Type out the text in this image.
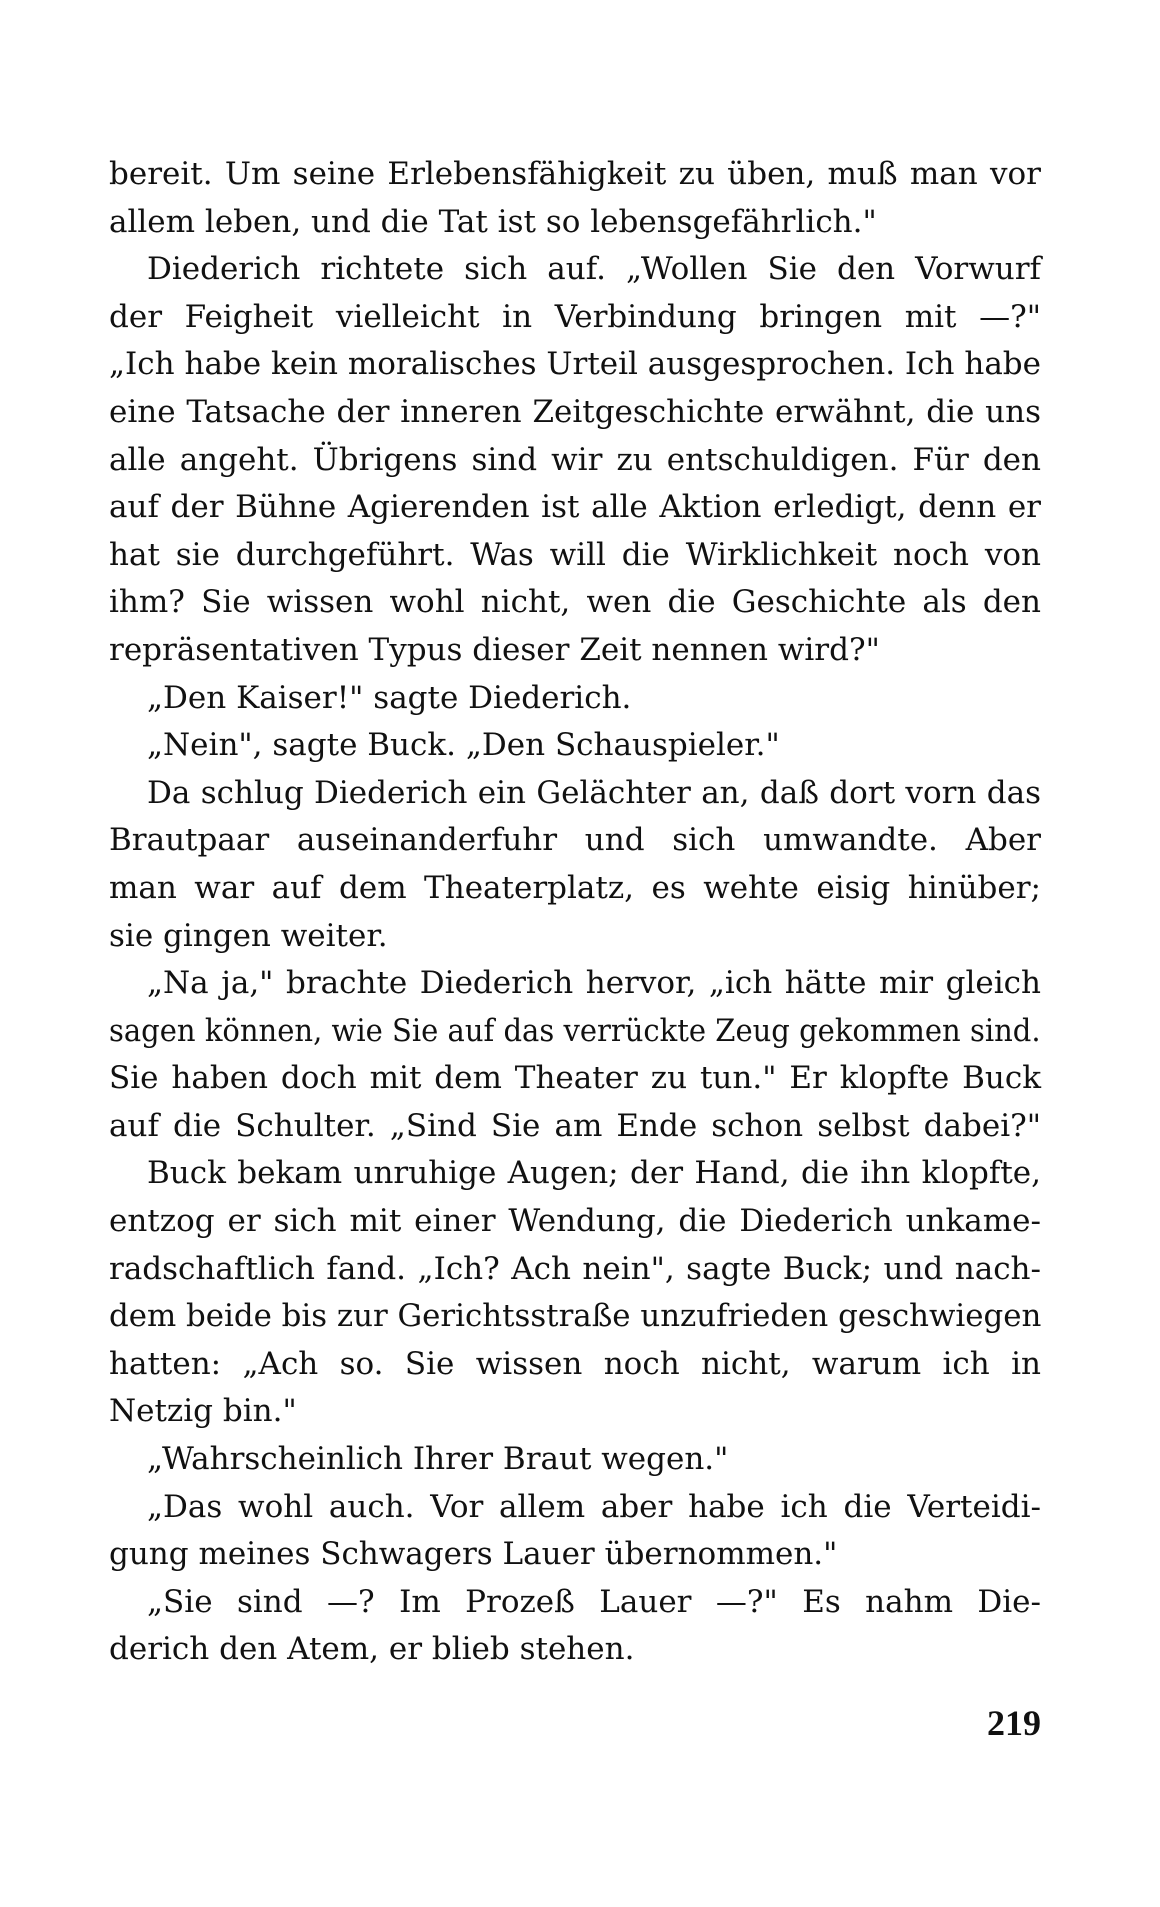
bereit. Um seine Erlebensfähigkeit zu üben, muß man vor
allem leben, und die Tat ist so lebensgefährlich."
Diederich richtete sich auf. „Wollen Sie den Vorwurf
der Feigheit vielleicht in Verbindung bringen mit —?"
„Ich habe kein moralisches Urteil ausgesprochen. Ich habe
eine Tatsache der inneren Zeitgeschichte erwähnt, die uns
alle angeht. Übrigens sind wir zu entschuldigen. Für den
auf der Bühne Agierenden ist alle Aktion erledigt, denn er
hat sie durchgeführt. Was will die Wirklichkeit noch von
ihm? Sie wissen wohl nicht, wen die Geschichte als den
repräsentativen Typus dieser Zeit nennen wird?"
„Den Kaiser!" sagte Diederich.
„Nein", sagte Buck. „Den Schauspieler."
Da schlug Diederich ein Gelächter an, daß dort vorn das
Brautpaar auseinanderfuhr und sich umwandte. Aber
man war auf dem Theaterplatz, es wehte eisig hinüber;
sie gingen weiter.
„Na ja," brachte Diederich hervor, „ich hätte mir gleich
sagen können, wie Sie auf das verrückte Zeug gekommen sind.
Sie haben doch mit dem Theater zu tun." Er klopfte Buck
auf die Schulter. „Sind Sie am Ende schon selbst dabei?"
Buck bekam unruhige Augen; der Hand, die ihn klopfte,
entzog er sich mit einer Wendung, die Diederich unkame-
radschaftlich fand. „Ich? Ach nein", sagte Buck; und nach-
dem beide bis zur Gerichtsstraße unzufrieden geschwiegen
hatten: „Ach so. Sie wissen noch nicht, warum ich in
Netzig bin."
„Wahrscheinlich Ihrer Braut wegen."
„Das wohl auch. Vor allem aber habe ich die Verteidi-
gung meines Schwagers Lauer übernommen."
„Sie sind —? Im Prozeß Lauer —?" Es nahm Die-
derich den Atem, er blieb stehen.
219
